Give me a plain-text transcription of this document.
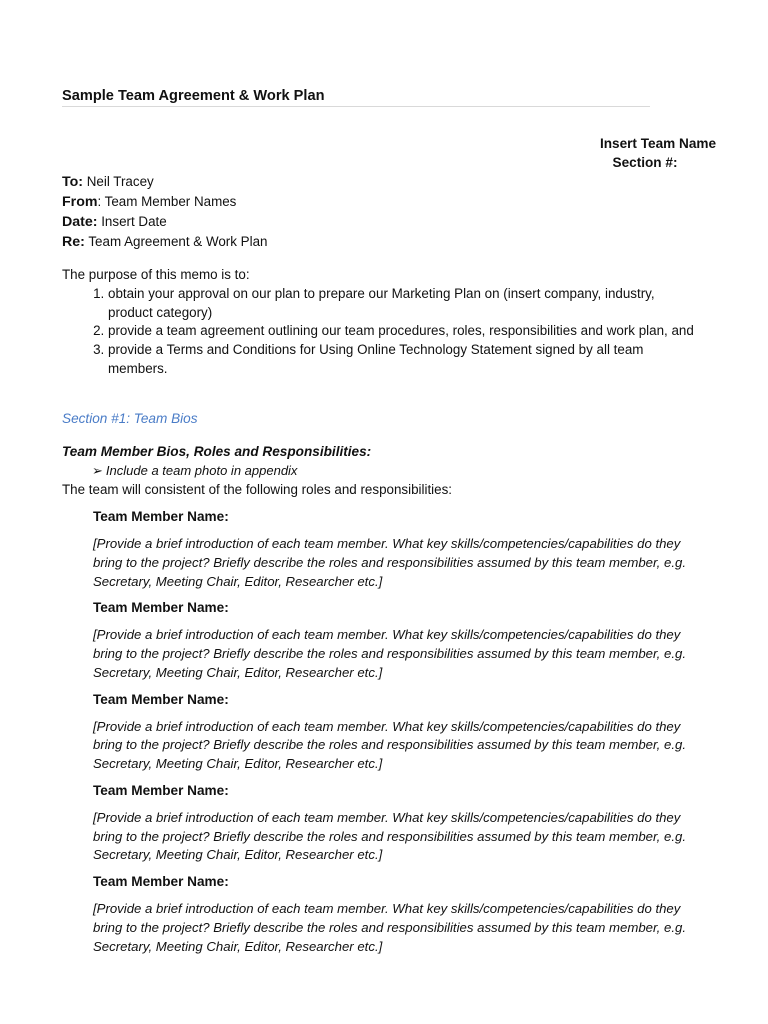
Sample Team Agreement & Work Plan
Insert Team Name
Section #:
To: Neil Tracey
From: Team Member Names
Date: Insert Date
Re: Team Agreement & Work Plan
The purpose of this memo is to:
1. obtain your approval on our plan to prepare our Marketing Plan on (insert company, industry, product category)
2. provide a team agreement outlining our team procedures, roles, responsibilities and work plan, and
3. provide a Terms and Conditions for Using Online Technology Statement signed by all team members.
Section #1: Team Bios
Team Member Bios, Roles and Responsibilities:
➢ Include a team photo in appendix
The team will consistent of the following roles and responsibilities:
Team Member Name:
[Provide a brief introduction of each team member. What key skills/competencies/capabilities do they bring to the project? Briefly describe the roles and responsibilities assumed by this team member, e.g. Secretary, Meeting Chair, Editor, Researcher etc.]
Team Member Name:
[Provide a brief introduction of each team member. What key skills/competencies/capabilities do they bring to the project? Briefly describe the roles and responsibilities assumed by this team member, e.g. Secretary, Meeting Chair, Editor, Researcher etc.]
Team Member Name:
[Provide a brief introduction of each team member. What key skills/competencies/capabilities do they bring to the project? Briefly describe the roles and responsibilities assumed by this team member, e.g. Secretary, Meeting Chair, Editor, Researcher etc.]
Team Member Name:
[Provide a brief introduction of each team member. What key skills/competencies/capabilities do they bring to the project? Briefly describe the roles and responsibilities assumed by this team member, e.g. Secretary, Meeting Chair, Editor, Researcher etc.]
Team Member Name:
[Provide a brief introduction of each team member. What key skills/competencies/capabilities do they bring to the project? Briefly describe the roles and responsibilities assumed by this team member, e.g. Secretary, Meeting Chair, Editor, Researcher etc.]
